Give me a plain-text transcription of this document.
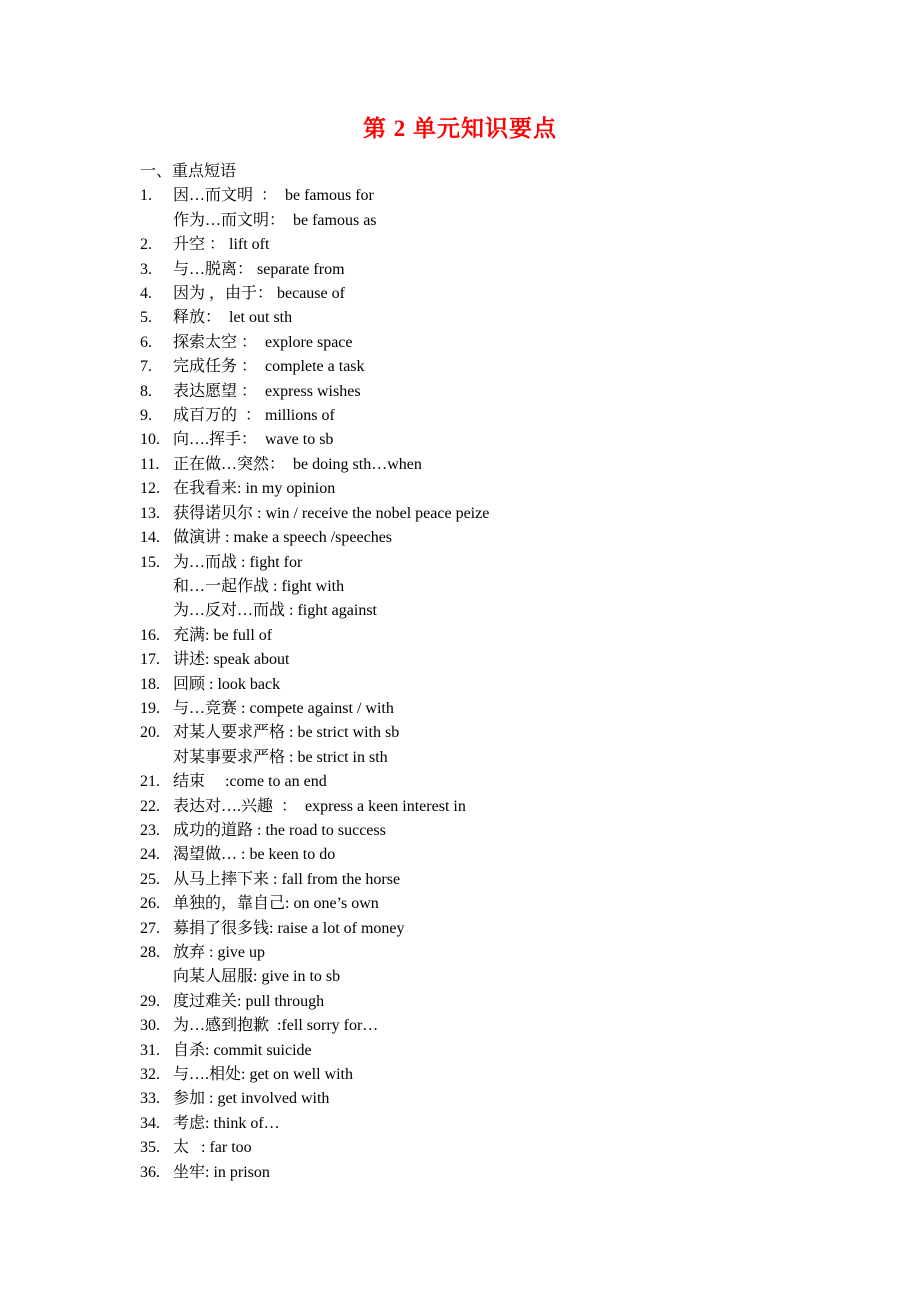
第 2 单元知识要点
一、重点短语
1.	因…而文明  ：  be famous for
作为…而文明：  be famous as
2.	升空 ： lift oft
3.	与…脱离： separate from
4.	因为 ，由于： because of
5.	释放：  let out sth
6.	探索太空 ：  explore space
7.	完成任务 ：  complete a task
8.	表达愿望 ：  express wishes
9.	成百万的  ： millions of
10. 向….挥手：  wave to sb
11. 正在做…突然：  be doing sth…when
12. 在我看来: in my opinion
13. 获得诺贝尔 : win / receive the nobel peace peize
14. 做演讲 : make a speech /speeches
15. 为…而战 : fight for
和…一起作战 : fight with
为…反对…而战 : fight against
16. 充满: be full of
17. 讲述: speak about
18. 回顾 : look back
19. 与…竞赛 : compete against / with
20. 对某人要求严格 : be strict with sb
对某事要求严格 : be strict in sth
21. 结束     :come to an end
22. 表达对….兴趣  ：  express a keen interest in
23. 成功的道路 : the road to success
24. 渴望做… : be keen to do
25. 从马上摔下来 : fall from the horse
26. 单独的，靠自己: on one’s own
27. 募捐了很多钱: raise a lot of money
28. 放弃 : give up
向某人屈服: give in to sb
29. 度过难关: pull through
30. 为…感到抱歉  :fell sorry for…
31. 自杀: commit suicide
32. 与….相处: get on well with
33. 参加 : get involved with
34. 考虑: think of…
35. 太   : far too
36. 坐牢: in prison
